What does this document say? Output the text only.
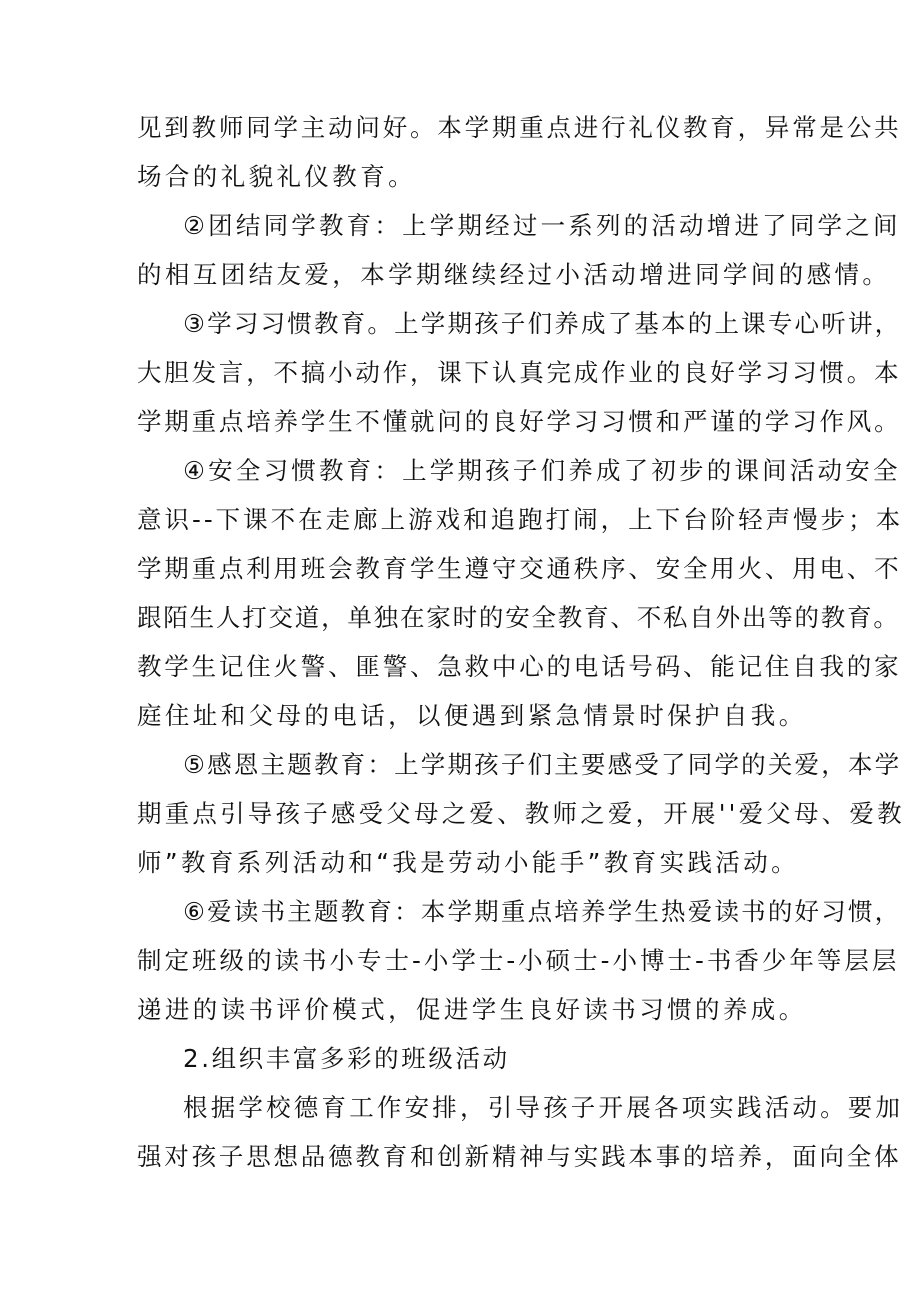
见到教师同学主动问好。本学期重点进行礼仪教育，异常是公共
场合的礼貌礼仪教育。
②团结同学教育：上学期经过一系列的活动增进了同学之间
的相互团结友爱，本学期继续经过小活动增进同学间的感情。
③学习习惯教育。上学期孩子们养成了基本的上课专心听讲，
大胆发言，不搞小动作，课下认真完成作业的良好学习习惯。本
学期重点培养学生不懂就问的良好学习习惯和严谨的学习作风。
④安全习惯教育：上学期孩子们养成了初步的课间活动安全
意识--下课不在走廊上游戏和追跑打闹，上下台阶轻声慢步；本
学期重点利用班会教育学生遵守交通秩序、安全用火、用电、不
跟陌生人打交道，单独在家时的安全教育、不私自外出等的教育。
教学生记住火警、匪警、急救中心的电话号码、能记住自我的家
庭住址和父母的电话，以便遇到紧急情景时保护自我。
⑤感恩主题教育：上学期孩子们主要感受了同学的关爱，本学
期重点引导孩子感受父母之爱、教师之爱，开展''爱父母、爱教
师”教育系列活动和“我是劳动小能手”教育实践活动。
⑥爱读书主题教育：本学期重点培养学生热爱读书的好习惯，
制定班级的读书小专士-小学士-小硕士-小博士-书香少年等层层
递进的读书评价模式，促进学生良好读书习惯的养成。
2.组织丰富多彩的班级活动
根据学校德育工作安排，引导孩子开展各项实践活动。要加
强对孩子思想品德教育和创新精神与实践本事的培养，面向全体
